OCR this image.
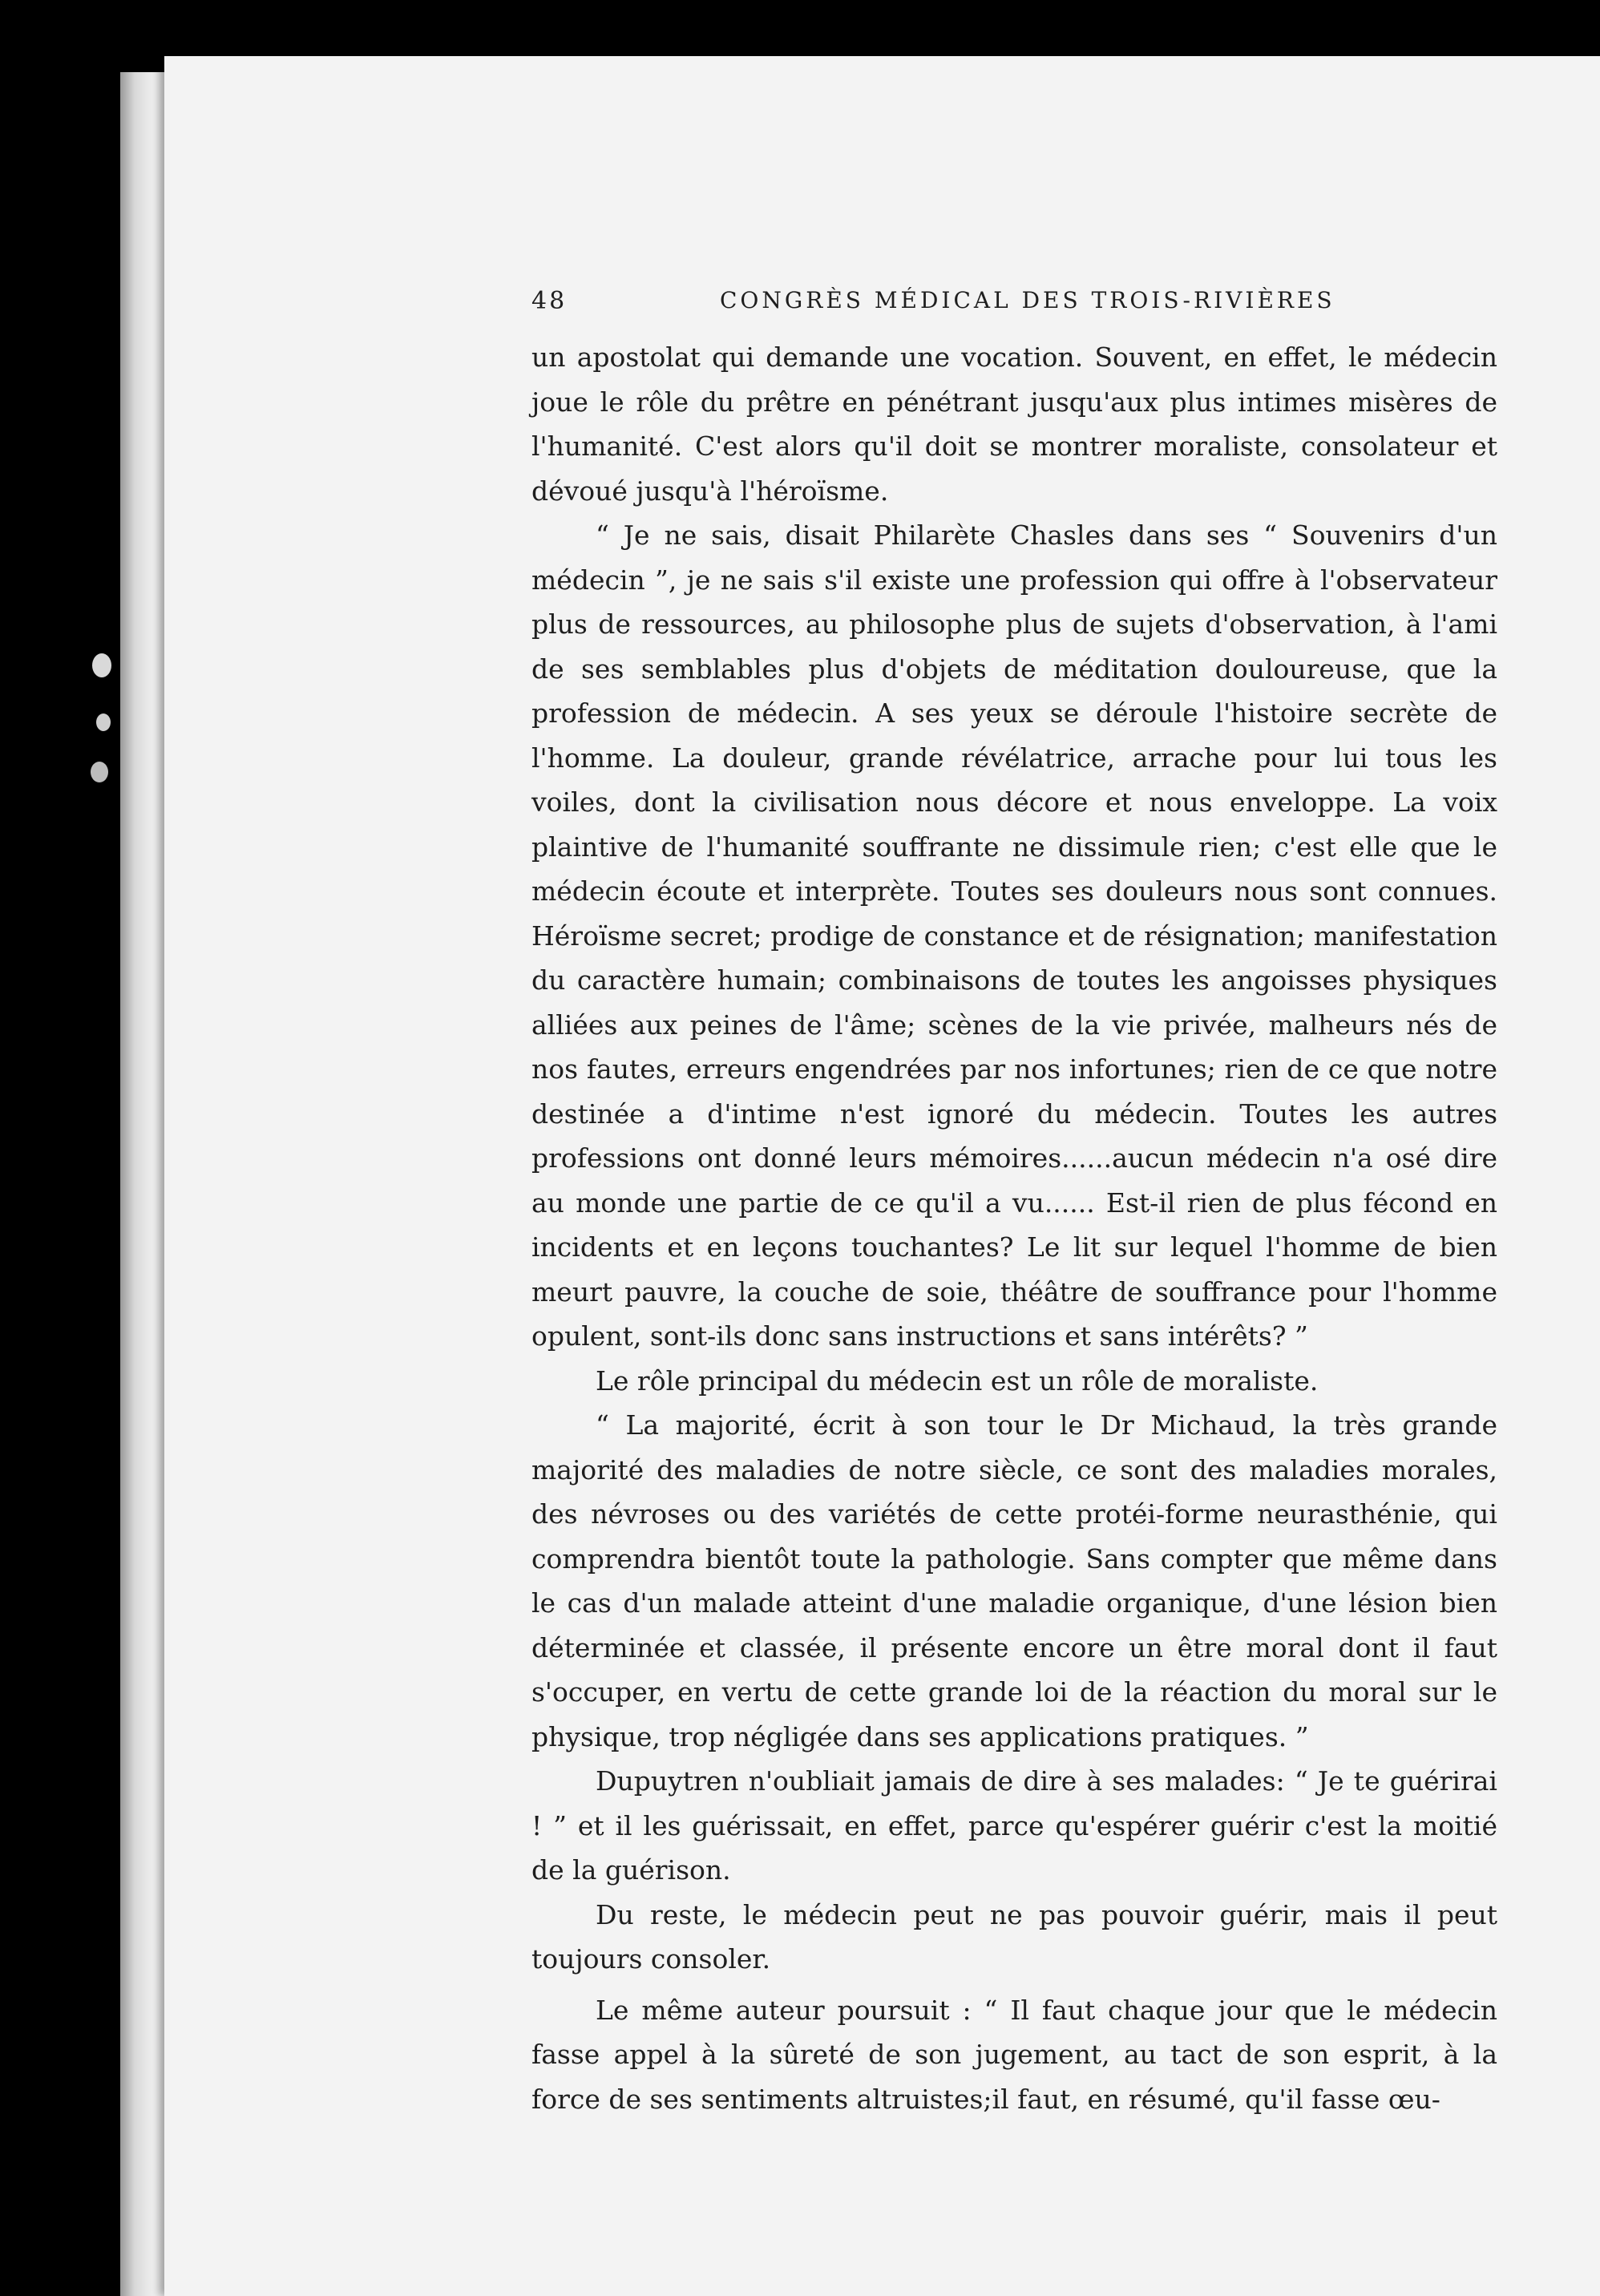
48	CONGRÈS MÉDICAL DES TROIS-RIVIÈRES

un apostolat qui demande une vocation. Souvent, en effet, le médecin joue le rôle du prêtre en pénétrant jusqu'aux plus intimes misères de l'humanité. C'est alors qu'il doit se montrer moraliste, consolateur et dévoué jusqu'à l'héroïsme.

“ Je ne sais, disait Philarète Chasles dans ses “ Souvenirs d'un médecin ”, je ne sais s'il existe une profession qui offre à l'observateur plus de ressources, au philosophe plus de sujets d'observation, à l'ami de ses semblables plus d'objets de méditation douloureuse, que la profession de médecin. A ses yeux se déroule l'histoire secrète de l'homme. La douleur, grande révélatrice, arrache pour lui tous les voiles, dont la civilisation nous décore et nous enveloppe. La voix plaintive de l'humanité souffrante ne dissimule rien; c'est elle que le médecin écoute et interprète. Toutes ses douleurs nous sont connues. Héroïsme secret; prodige de constance et de résignation; manifestation du caractère humain; combinaisons de toutes les angoisses physiques alliées aux peines de l'âme; scènes de la vie privée, malheurs nés de nos fautes, erreurs engendrées par nos infortunes; rien de ce que notre destinée a d'intime n'est ignoré du médecin. Toutes les autres professions ont donné leurs mémoires......aucun médecin n'a osé dire au monde une partie de ce qu'il a vu...... Est-il rien de plus fécond en incidents et en leçons touchantes? Le lit sur lequel l'homme de bien meurt pauvre, la couche de soie, théâtre de souffrance pour l'homme opulent, sont-ils donc sans instructions et sans intérêts? ”

Le rôle principal du médecin est un rôle de moraliste.

“ La majorité, écrit à son tour le Dr Michaud, la très grande majorité des maladies de notre siècle, ce sont des maladies morales, des névroses ou des variétés de cette protéi-forme neurasthénie, qui comprendra bientôt toute la pathologie. Sans compter que même dans le cas d'un malade atteint d'une maladie organique, d'une lésion bien déterminée et classée, il présente encore un être moral dont il faut s'occuper, en vertu de cette grande loi de la réaction du moral sur le physique, trop négligée dans ses applications pratiques. ”

Dupuytren n'oubliait jamais de dire à ses malades: “ Je te guérirai ! ” et il les guérissait, en effet, parce qu'espérer guérir c'est la moitié de la guérison.

Du reste, le médecin peut ne pas pouvoir guérir, mais il peut toujours consoler.

Le même auteur poursuit : “ Il faut chaque jour que le médecin fasse appel à la sûreté de son jugement, au tact de son esprit, à la force de ses sentiments altruistes;il faut, en résumé, qu'il fasse œu-
